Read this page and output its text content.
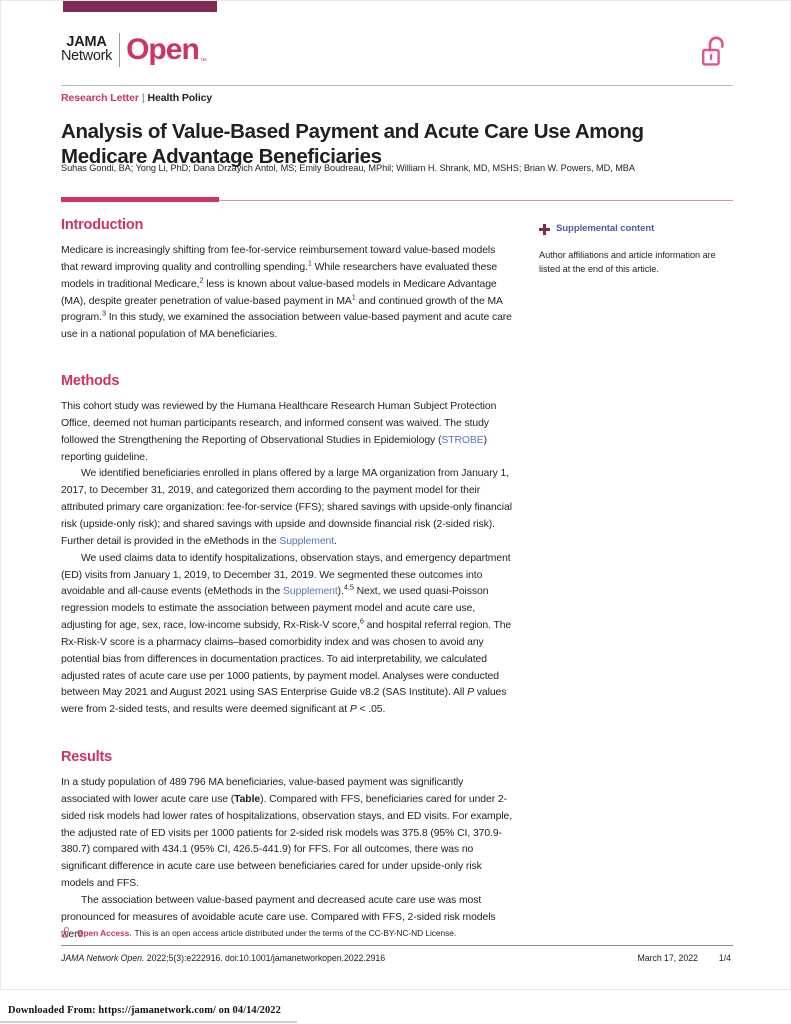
JAMA
Network Open ™
Research Letter | Health Policy
Analysis of Value-Based Payment and Acute Care Use Among Medicare Advantage Beneficiaries
Suhas Gondi, BA; Yong Li, PhD; Dana Drzayich Antol, MS; Emily Boudreau, MPhil; William H. Shrank, MD, MSHS; Brian W. Powers, MD, MBA
Introduction

Medicare is increasingly shifting from fee-for-service reimbursement toward value-based models that reward improving quality and controlling spending.$^1$ While researchers have evaluated these models in traditional Medicare,$^2$ less is known about value-based models in Medicare Advantage (MA), despite greater penetration of value-based payment in $MA^1$ and continued growth of the MA program.$^3$ In this study, we examined the association between value-based payment and acute care use in a national population of MA beneficiaries.

Methods

This cohort study was reviewed by the Humana Healthcare Research Human Subject Protection Office, deemed not human participants research, and informed consent was waived. The study followed the Strengthening the Reporting of Observational Studies in Epidemiology (STROBE) reporting guideline.

We identified beneficiaries enrolled in plans offered by a large MA organization from January 1, 2017, to December 31, 2019, and categorized them according to the payment model for their attributed primary care organization: fee-for-service (FFS); shared savings with upside-only financial risk (upside-only risk); and shared savings with upside and downside financial risk (2-sided risk). Further detail is provided in the eMethods in the Supplement.

We used claims data to identify hospitalizations, observation stays, and emergency department (ED) visits from January 1, 2019, to December 31, 2019. We segmented these outcomes into avoidable and all-cause events (eMethods in the Supplement).$^{4,5}$ Next, we used quasi-Poisson regression models to estimate the association between payment model and acute care use, adjusting for age, sex, race, low-income subsidy, Rx-Risk-V score,$^6$ and hospital referral region. The Rx-Risk-V score is a pharmacy claims–based comorbidity index and was chosen to avoid any potential bias from differences in documentation practices. To aid interpretability, we calculated adjusted rates of acute care use per 1000 patients, by payment model. Analyses were conducted between May 2021 and August 2021 using SAS Enterprise Guide v8.2 (SAS Institute). All P values were from 2-sided tests, and results were deemed significant at P < .05.

Results

In a study population of 489 796 MA beneficiaries, value-based payment was significantly associated with lower acute care use (Table). Compared with FFS, beneficiaries cared for under 2-sided risk models had lower rates of hospitalizations, observation stays, and ED visits. For example, the adjusted rate of ED visits per 1000 patients for 2-sided risk models was 375.8 (95% CI, 370.9-380.7) compared with 434.1 (95% CI, 426.5-441.9) for FFS. For all outcomes, there was no significant difference in acute care use between beneficiaries cared for under upside-only risk models and FFS.

The association between value-based payment and decreased acute care use was most pronounced for measures of avoidable acute care use. Compared with FFS, 2-sided risk models were

Supplemental content
Author affiliations and article information are listed at the end of this article.
Open Access. This is an open access article distributed under the terms of the CC-BY-NC-ND License.
JAMA Network Open. 2022;5(3):e222916. doi:10.1001/jamanetworkopen.2022.2916	March 17, 2022 1/4
Downloaded From: https://jamanetwork.com/ on 04/14/2022
